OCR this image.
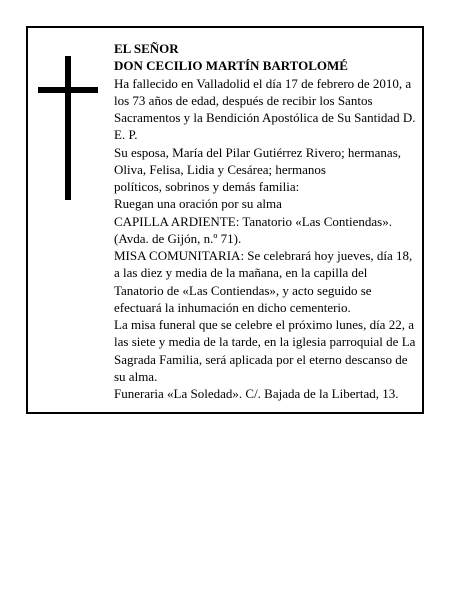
EL SEÑOR
DON CECILIO MARTÍN BARTOLOMÉ

Ha fallecido en Valladolid el día 17 de febrero de 2010, a los 73 años de edad, después de recibir los Santos Sacramentos y la Bendición Apostólica de Su Santidad D. E. P.

Su esposa, María del Pilar Gutiérrez Rivero; hermanas, Oliva, Felisa, Lidia y Cesárea; hermanos

políticos, sobrinos y demás familia:

Ruegan una oración por su alma

CAPILLA ARDIENTE: Tanatorio «Las Contiendas». (Avda. de Gijón, n.º 71).

MISA COMUNITARIA: Se celebrará hoy jueves, día 18, a las diez y media de la mañana, en la capilla del Tanatorio de «Las Contiendas», y acto seguido se efectuará la inhumación en dicho cementerio.

La misa funeral que se celebre el próximo lunes, día 22, a las siete y media de la tarde, en la iglesia parroquial de La Sagrada Familia, será aplicada por el eterno descanso de su alma.

Funeraria «La Soledad». C/. Bajada de la Libertad, 13.
